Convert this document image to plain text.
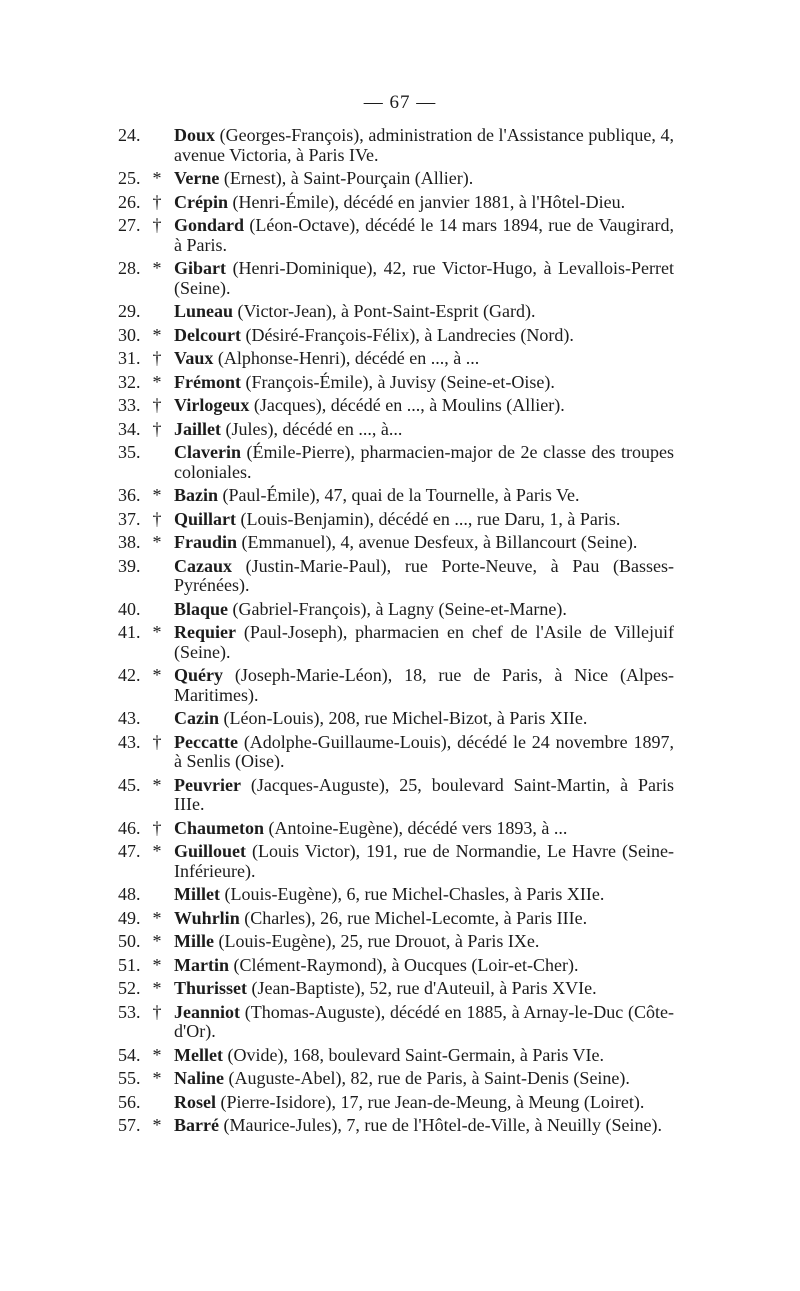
— 67 —
24. Doux (Georges-François), administration de l'Assistance publique, 4, avenue Victoria, à Paris IVe.
25. * Verne (Ernest), à Saint-Pourçain (Allier).
26. † Crépin (Henri-Émile), décédé en janvier 1881, à l'Hôtel-Dieu.
27. † Gondard (Léon-Octave), décédé le 14 mars 1894, rue de Vaugirard, à Paris.
28. * Gibart (Henri-Dominique), 42, rue Victor-Hugo, à Levallois-Perret (Seine).
29. Luneau (Victor-Jean), à Pont-Saint-Esprit (Gard).
30. * Delcourt (Désiré-François-Félix), à Landrecies (Nord).
31. † Vaux (Alphonse-Henri), décédé en ..., à ...
32. * Frémont (François-Émile), à Juvisy (Seine-et-Oise).
33. † Virlogeux (Jacques), décédé en ..., à Moulins (Allier).
34. † Jaillet (Jules), décédé en ..., à...
35. Claverin (Émile-Pierre), pharmacien-major de 2e classe des troupes coloniales.
36. * Bazin (Paul-Émile), 47, quai de la Tournelle, à Paris Ve.
37. † Quillart (Louis-Benjamin), décédé en ..., rue Daru, 1, à Paris.
38. * Fraudin (Emmanuel), 4, avenue Desfeux, à Billancourt (Seine).
39. Cazaux (Justin-Marie-Paul), rue Porte-Neuve, à Pau (Basses-Pyrénées).
40. Blaque (Gabriel-François), à Lagny (Seine-et-Marne).
41. * Requier (Paul-Joseph), pharmacien en chef de l'Asile de Villejuif (Seine).
42. * Quéry (Joseph-Marie-Léon), 18, rue de Paris, à Nice (Alpes-Maritimes).
43. Cazin (Léon-Louis), 208, rue Michel-Bizot, à Paris XIIe.
43. † Peccatte (Adolphe-Guillaume-Louis), décédé le 24 novembre 1897, à Senlis (Oise).
45. * Peuvrier (Jacques-Auguste), 25, boulevard Saint-Martin, à Paris IIIe.
46. † Chaumeton (Antoine-Eugène), décédé vers 1893, à ...
47. * Guillouet (Louis Victor), 191, rue de Normandie, Le Havre (Seine-Inférieure).
48. Millet (Louis-Eugène), 6, rue Michel-Chasles, à Paris XIIe.
49. * Wuhrlin (Charles), 26, rue Michel-Lecomte, à Paris IIIe.
50. * Mille (Louis-Eugène), 25, rue Drouot, à Paris IXe.
51. * Martin (Clément-Raymond), à Oucques (Loir-et-Cher).
52. * Thurisset (Jean-Baptiste), 52, rue d'Auteuil, à Paris XVIe.
53. † Jeanniot (Thomas-Auguste), décédé en 1885, à Arnay-le-Duc (Côte-d'Or).
54. * Mellet (Ovide), 168, boulevard Saint-Germain, à Paris VIe.
55. * Naline (Auguste-Abel), 82, rue de Paris, à Saint-Denis (Seine).
56. Rosel (Pierre-Isidore), 17, rue Jean-de-Meung, à Meung (Loiret).
57. * Barré (Maurice-Jules), 7, rue de l'Hôtel-de-Ville, à Neuilly (Seine).
